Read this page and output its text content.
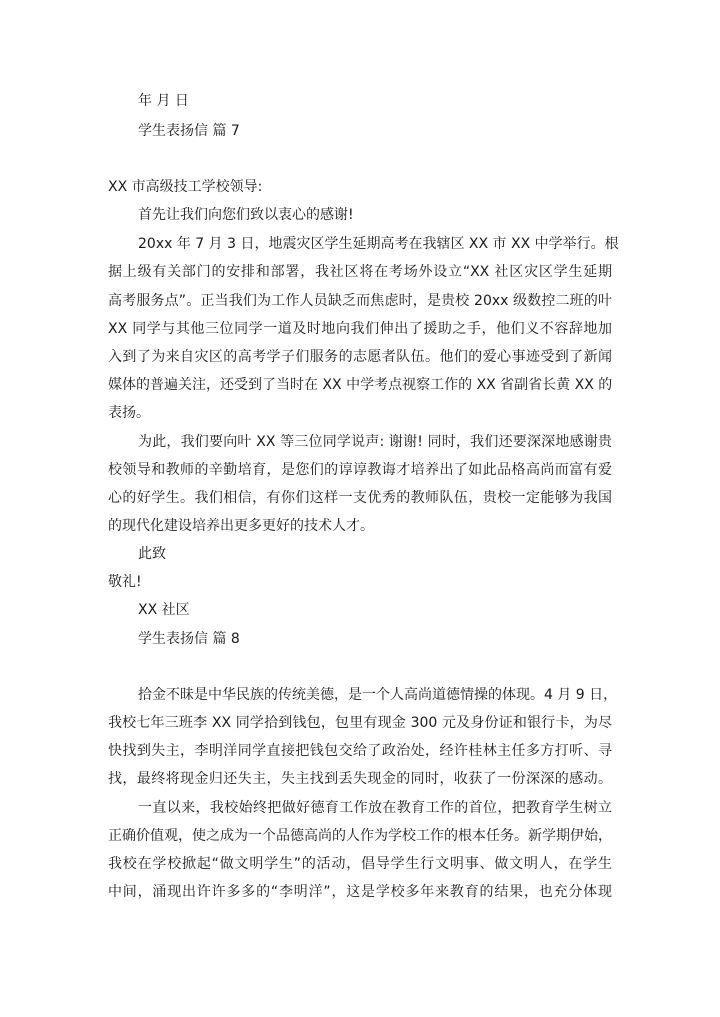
年 月 日
学生表扬信 篇 7
XX 市高级技工学校领导:
首先让我们向您们致以衷心的感谢!
20xx 年 7 月 3 日，地震灾区学生延期高考在我辖区 XX 市 XX 中学举行。根
据上级有关部门的安排和部署，我社区将在考场外设立“XX 社区灾区学生延期
高考服务点”。正当我们为工作人员缺乏而焦虑时，是贵校 20xx 级数控二班的叶
XX 同学与其他三位同学一道及时地向我们伸出了援助之手，他们义不容辞地加
入到了为来自灾区的高考学子们服务的志愿者队伍。他们的爱心事迹受到了新闻
媒体的普遍关注，还受到了当时在 XX 中学考点视察工作的 XX 省副省长黄 XX 的
表扬。
为此，我们要向叶 XX 等三位同学说声: 谢谢! 同时，我们还要深深地感谢贵
校领导和教师的辛勤培育，是您们的谆谆教诲才培养出了如此品格高尚而富有爱
心的好学生。我们相信，有你们这样一支优秀的教师队伍，贵校一定能够为我国
的现代化建设培养出更多更好的技术人才。
此致
敬礼!
XX 社区
学生表扬信 篇 8
拾金不昧是中华民族的传统美德，是一个人高尚道德情操的体现。4 月 9 日，
我校七年三班李 XX 同学拾到钱包，包里有现金 300 元及身份证和银行卡，为尽
快找到失主，李明洋同学直接把钱包交给了政治处，经许桂林主任多方打听、寻
找，最终将现金归还失主，失主找到丢失现金的同时，收获了一份深深的感动。
一直以来，我校始终把做好德育工作放在教育工作的首位，把教育学生树立
正确价值观，使之成为一个品德高尚的人作为学校工作的根本任务。新学期伊始，
我校在学校掀起“做文明学生”的活动，倡导学生行文明事、做文明人，在学生
中间，涌现出许许多多的“李明洋”，这是学校多年来教育的结果，也充分体现
